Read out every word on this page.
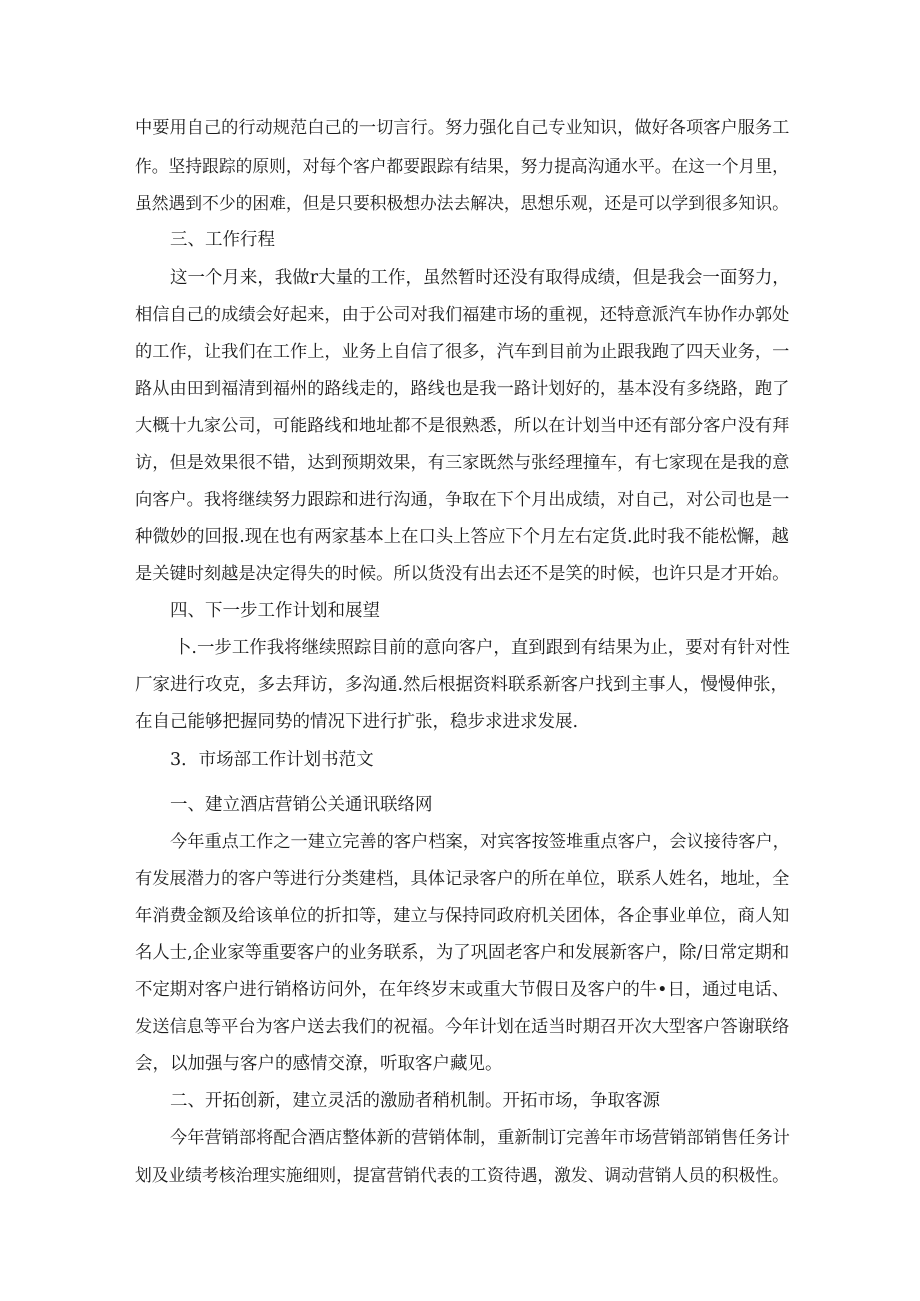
中要用自己的行动规范白己的一切言行。努力强化自己专业知识，做好各项客户服务工
作。坚持跟踪的原则，对每个客户都要跟踪有结果，努力提高沟通水平。在这一个月里，
虽然遇到不少的困难，但是只要积极想办法去解决，思想乐观，还是可以学到很多知识。
三、工作行程
这一个月来，我做r大量的工作，虽然暂时还没有取得成绩，但是我会一面努力，
相信自己的成绩会好起来，由于公司对我们福建市场的重视，还特意派汽车协作办郭处
的工作，让我们在工作上，业务上自信了很多，汽车到目前为止跟我跑了四天业务，一
路从由田到福清到福州的路线走的，路线也是我一路计划好的，基本没有多绕路，跑了
大概十九家公司，可能路线和地址都不是很熟悉，所以在计划当中还有部分客户没有拜
访，但是效果很不错，达到预期效果，有三家既然与张经理撞车，有七家现在是我的意
向客户。我将继续努力跟踪和进行沟通，争取在下个月出成绩，对自己，对公司也是一
种微妙的回报.现在也有两家基本上在口头上答应下个月左右定货.此时我不能松懈，越
是关键时刻越是决定得失的时候。所以货没有出去还不是笑的时候，也许只是才开始。
四、下一步工作计划和展望
卜.一步工作我将继续照踪目前的意向客户，直到跟到有结果为止，要对有针对性
厂家进行攻克，多去拜访，多沟通.然后根据资料联系新客户找到主事人，慢慢伸张，
在自己能够把握同势的情况下进行扩张，稳步求进求发展.
3．市场部工作计划书范文
一、建立酒店营销公关通讯联络网
今年重点工作之一建立完善的客户档案，对宾客按签堆重点客户，会议接待客户，
有发展潜力的客户等进行分类建档，具体记录客户的所在单位，联系人姓名，地址，全
年消费金额及给该单位的折扣等，建立与保持同政府机关团体，各企事业单位，商人知
名人士,企业家等重要客户的业务联系，为了巩固老客户和发展新客户，除/日常定期和
不定期对客户进行销格访问外，在年终岁末或重大节假日及客户的牛•日，通过电话、
发送信息等平台为客户送去我们的祝福。今年计划在适当时期召开次大型客户答谢联络
会，以加强与客户的感情交潦，听取客户藏见。
二、开拓创新，建立灵活的激励者稍机制。开拓市场，争取客源
今年营销部将配合酒店整体新的营销体制，重新制订完善年市场营销部销售任务计
划及业绩考核治理实施细则，提富营销代表的工资待遇，激发、调动营销人员的积极性。
